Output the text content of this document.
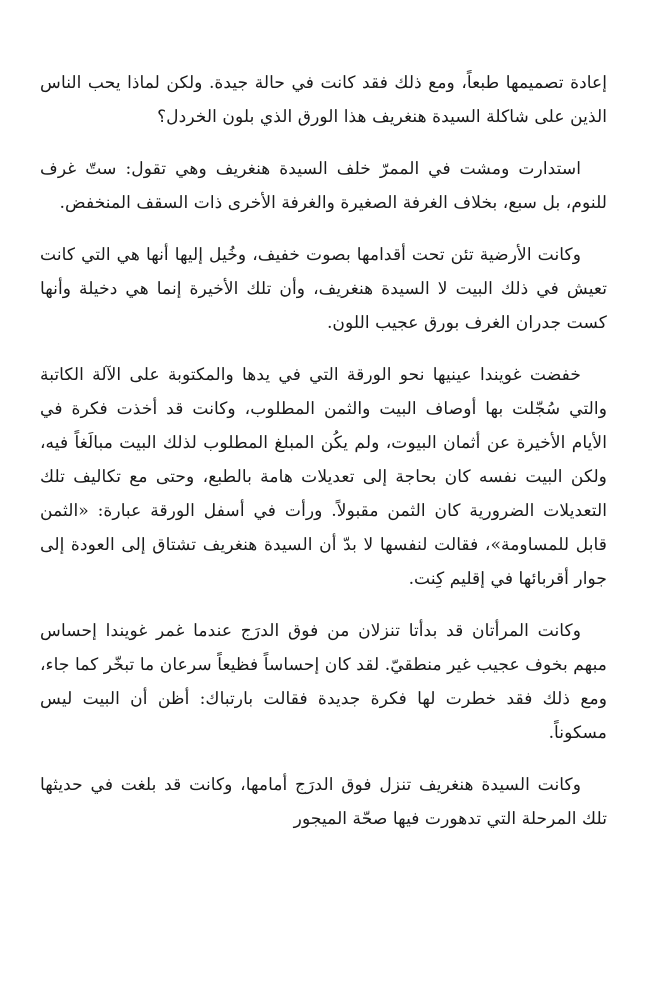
إعادة تصميمها طبعاً، ومع ذلك فقد كانت في حالة جيدة. ولكن لماذا يحب الناس الذين على شاكلة السيدة هنغريف هذا الورق الذي بلون الخردل؟

استدارت ومشت في الممرّ خلف السيدة هنغريف وهي تقول: ستّ غرف للنوم، بل سبع، بخلاف الغرفة الصغيرة والغرفة الأخرى ذات السقف المنخفض.

وكانت الأرضية تئن تحت أقدامها بصوت خفيف، وخُيل إليها أنها هي التي كانت تعيش في ذلك البيت لا السيدة هنغريف، وأن تلك الأخيرة إنما هي دخيلة وأنها كست جدران الغرف بورق عجيب اللون.

خفضت غويندا عينيها نحو الورقة التي في يدها والمكتوبة على الآلة الكاتبة والتي سُجّلت بها أوصاف البيت والثمن المطلوب، وكانت قد أخذت فكرة في الأيام الأخيرة عن أثمان البيوت، ولم يكُن المبلغ المطلوب لذلك البيت مبالَغاً فيه، ولكن البيت نفسه كان بحاجة إلى تعديلات هامة بالطبع، وحتى مع تكاليف تلك التعديلات الضرورية كان الثمن مقبولاً. ورأت في أسفل الورقة عبارة: «الثمن قابل للمساومة»، فقالت لنفسها لا بدّ أن السيدة هنغريف تشتاق إلى العودة إلى جوار أقربائها في إقليم كِنت.

وكانت المرأتان قد بدأتا تنزلان من فوق الدرَج عندما غمر غويندا إحساس مبهم بخوف عجيب غير منطقيّ. لقد كان إحساساً فظيعاً سرعان ما تبخّر كما جاء، ومع ذلك فقد خطرت لها فكرة جديدة فقالت بارتباك: أظن أن البيت ليس مسكوناً.

وكانت السيدة هنغريف تنزل فوق الدرَج أمامها، وكانت قد بلغت في حديثها تلك المرحلة التي تدهورت فيها صحّة الميجور
